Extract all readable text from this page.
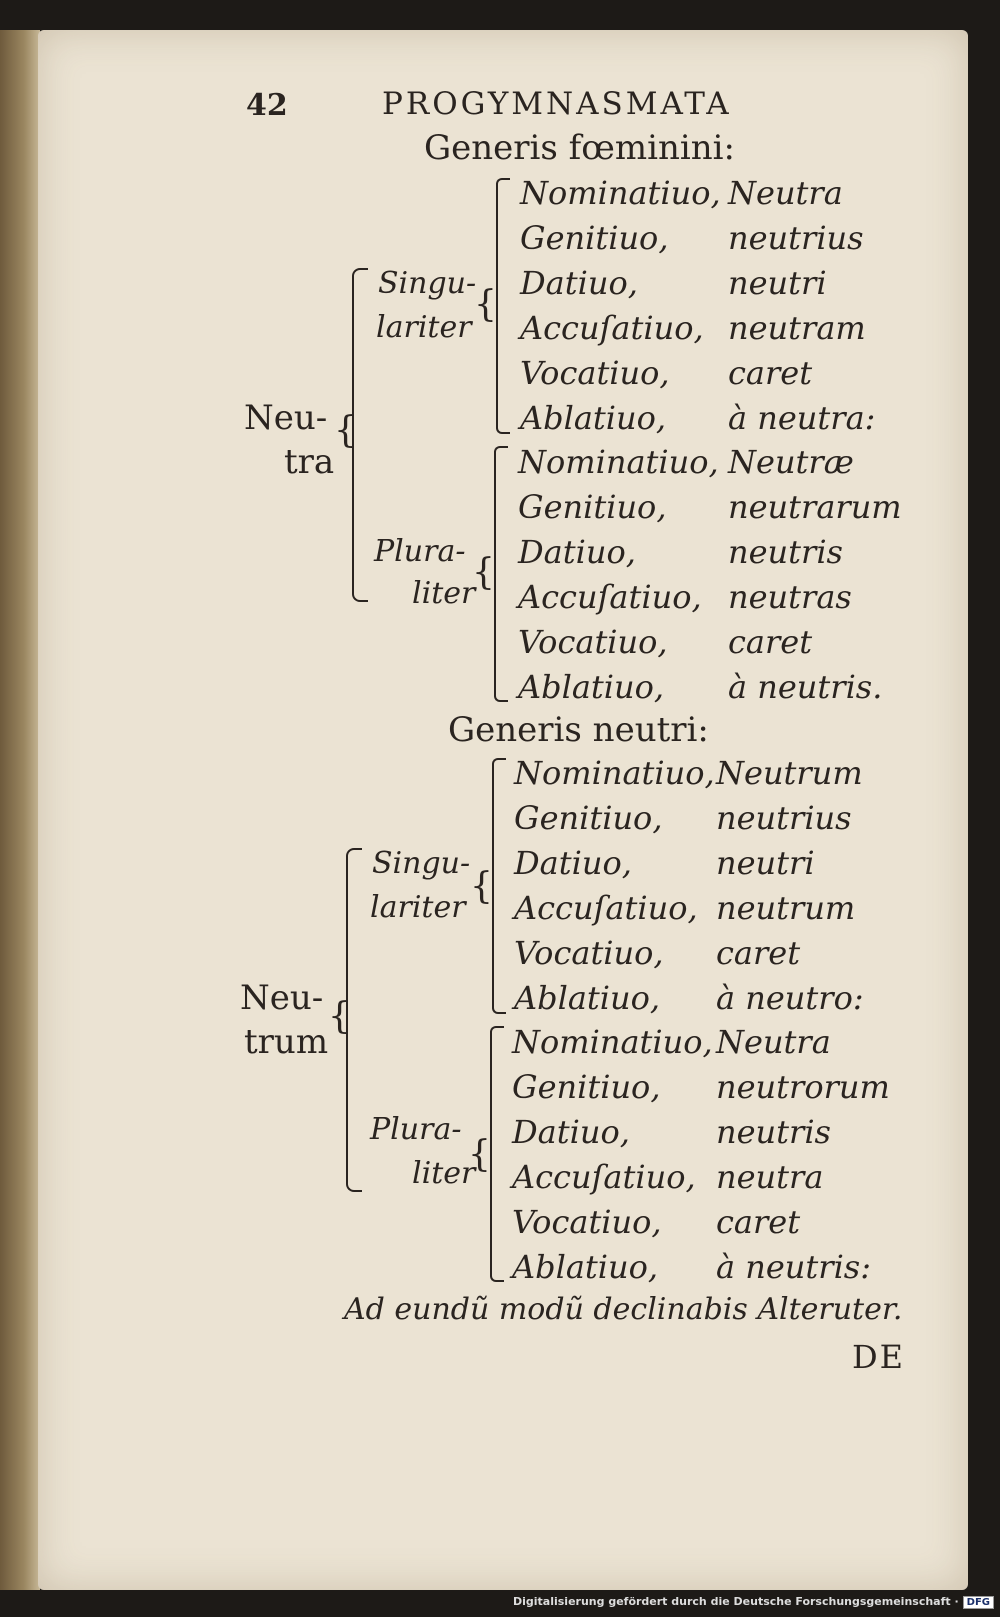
42	PROGYMNASMATA
Generis fœminini:
Neu-
tra
{
Singu-
lariter
Plura-
liter
{
{
Nominatiuo, Neutra
Genitiuo, neutrius
Datiuo,	neutri
Accuſatiuo, neutram
Vocatiuo, caret
Ablatiuo, à neutra:
Nominatiuo, Neutræ
Genitiuo, neutrarum
Datiuo,	neutris
Accuſatiuo, neutras
Vocatiuo, caret
Ablatiuo, à neutris.
Generis neutri:
Neu-
trum
{
Singu-
lariter
Plura-
liter
{
{
Nominatiuo, Neutrum
Genitiuo, neutrius
Datiuo,	neutri
Accuſatiuo, neutrum
Vocatiuo, caret
Ablatiuo, à neutro:
Nominatiuo, Neutra
Genitiuo, neutrorum
Datiuo,	neutris
Accuſatiuo, neutra
Vocatiuo, caret
Ablatiuo, à neutris:
Ad eundũ modũ declinabis Alteruter.
DE
Digitalisierung gefördert durch die Deutsche Forschungsgemeinschaft · DFG
